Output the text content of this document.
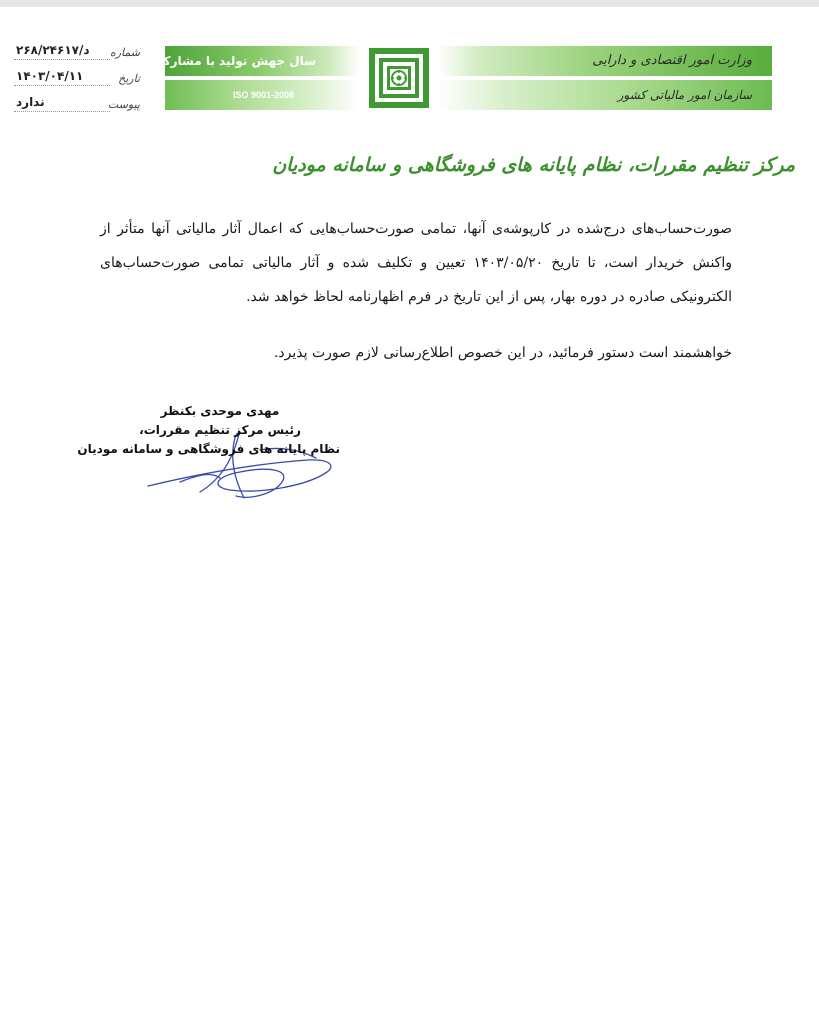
وزارت امور اقتصادی و دارایی
سازمان امور مالیاتی کشور
سال جهش تولید با مشارکت مردم
ISO 9001-2008
شماره
۲۶۸/۲۴۶۱۷/د
تاریخ
۱۴۰۳/۰۴/۱۱
پیوست
ندارد
مرکز تنظیم مقررات، نظام پایانه های فروشگاهی و سامانه مودیان
صورت‌حساب‌های درج‌شده در کارپوشه‌ی آنها، تمامی صورت‌حساب‌هایی که اعمال آثار مالیاتی آنها متأثر از واکنش خریدار است، تا تاریخ ۱۴۰۳/۰۵/۲۰ تعیین و تکلیف شده و آثار مالیاتی تمامی صورت‌حساب‌های الکترونیکی صادره در دوره بهار، پس از این تاریخ در فرم اظهارنامه لحاظ خواهد شد.
خواهشمند است دستور فرمائید، در این خصوص اطلاع‌رسانی لازم صورت پذیرد.
مهدی موحدی بکنظر
رئیس مرکز تنظیم مقررات،
نظام پایانه های فروشگاهی و سامانه مودیان
